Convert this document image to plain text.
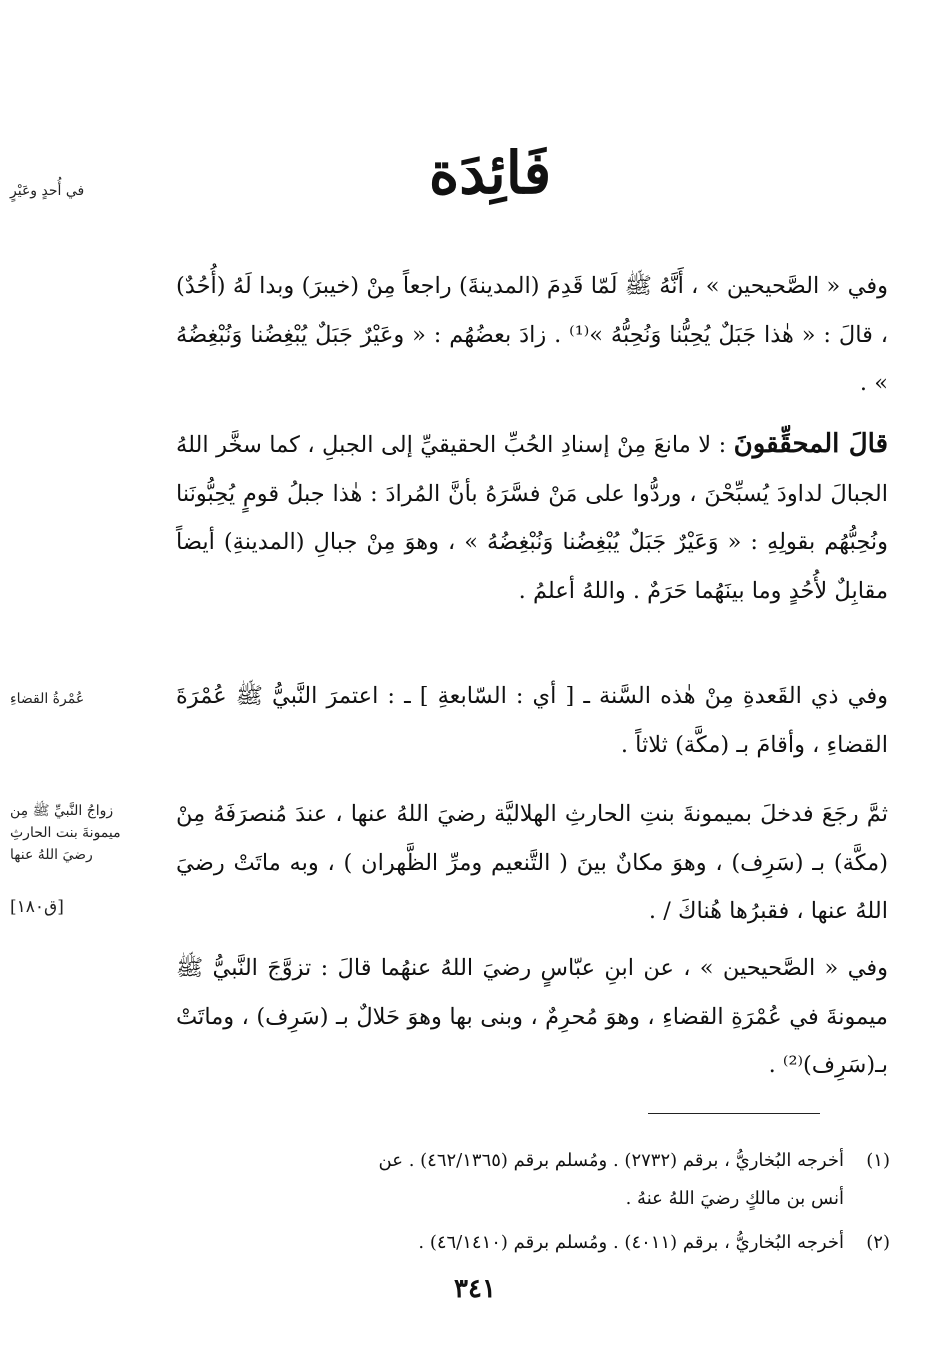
فَائِدَة
في أُحدٍ وعَيْرٍ
وفي « الصَّحيحين » ، أَنَّهُ ﷺ لَمّا قَدِمَ (المدينةَ) راجعاً مِنْ (خيبرَ) وبدا لَهُ (أُحُدٌ) ، قالَ : « هٰذا جَبَلٌ يُحِبُّنا وَنُحِبُّهُ »⁽¹⁾ . زادَ بعضُهُم : « وعَيْرٌ جَبَلٌ يُبْغِضُنا وَنُبْغِضُهُ » .
قالَ المحقِّقونَ : لا مانعَ مِنْ إسنادِ الحُبِّ الحقيقيِّ إلى الجبلِ ، كما سخَّر اللهُ الجبالَ لداودَ يُسبِّحْنَ ، وردُّوا على مَنْ فسَّرَهُ بأنَّ المُرادَ : هٰذا جبلُ قومٍ يُحِبُّونَنا ونُحِبُّهُم بقولِهِ : « وَعَيْرٌ جَبَلٌ يُبْغِضُنا وَنُبْغِضُهُ » ، وهوَ مِنْ جبالِ (المدينةِ) أيضاً مقابِلٌ لأُحُدٍ وما بينَهُما حَرَمٌ . واللهُ أعلمُ .
عُمْرةُ القضاءِ	وفي ذي القَعدةِ مِنْ هٰذه السَّنة ـ [ أي : السّابعةِ ] ـ : اعتمرَ النَّبيُّ ﷺ عُمْرَةَ القضاءِ ، وأقامَ بـ (مكَّة) ثلاثاً .
زواجُ النَّبيِّ ﷺ مِن
ميمونةَ بنت الحارثِ
رضيَ اللهُ عنها
[ق١٨٠]
ثمَّ رجَعَ فدخلَ بميمونةَ بنتِ الحارثِ الهلاليَّة رضيَ اللهُ عنها ، عندَ مُنصرَفَهُ مِنْ (مكَّة) بـ (سَرِف) ، وهوَ مكانٌ بينَ ( التَّنعيم ومرِّ الظَّهران ) ، وبه ماتَتْ رضيَ اللهُ عنها ، فقبرُها هُناكَ / .
وفي « الصَّحيحين » ، عن ابنِ عبّاسٍ رضيَ اللهُ عنهُما قالَ : تزوَّجَ النَّبيُّ ﷺ ميمونةَ في عُمْرَةِ القضاءِ ، وهوَ مُحرِمٌ ، وبنى بها وهوَ حَلالٌ بـ (سَرِف) ، وماتَتْ بـ(سَرِف)⁽²⁾ .
(١)أخرجه البُخاريُّ ، برقم (٢٧٣٢) . ومُسلم برقم (٤٦٢/١٣٦٥) . عن
أنس بن مالكٍ رضيَ اللهُ عنهُ .
(٢)أخرجه البُخاريُّ ، برقم (٤٠١١) . ومُسلم برقم (٤٦/١٤١٠) .
٣٤١
